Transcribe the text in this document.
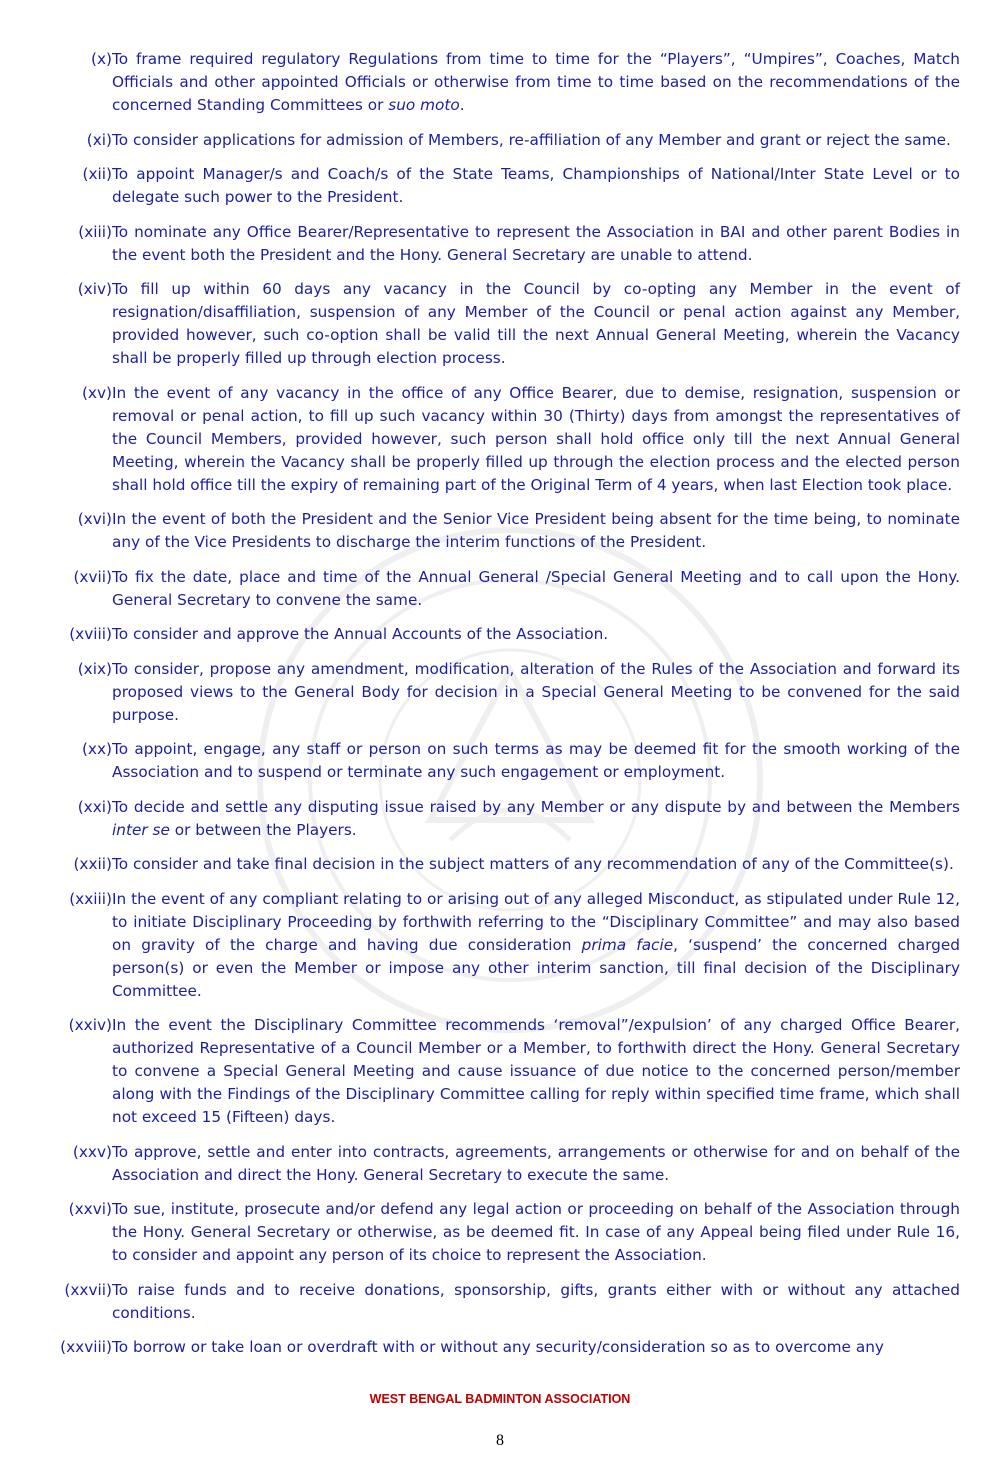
(x) To frame required regulatory Regulations from time to time for the “Players”, “Umpires”, Coaches, Match Officials and other appointed Officials or otherwise from time to time based on the recommendations of the concerned Standing Committees or suo moto.
(xi) To consider applications for admission of Members, re-affiliation of any Member and grant or reject the same.
(xii) To appoint Manager/s and Coach/s of the State Teams, Championships of National/Inter State Level or to delegate such power to the President.
(xiii) To nominate any Office Bearer/Representative to represent the Association in BAI and other parent Bodies in the event both the President and the Hony. General Secretary are unable to attend.
(xiv) To fill up within 60 days any vacancy in the Council by co-opting any Member in the event of resignation/disaffiliation, suspension of any Member of the Council or penal action against any Member, provided however, such co-option shall be valid till the next Annual General Meeting, wherein the Vacancy shall be properly filled up through election process.
(xv) In the event of any vacancy in the office of any Office Bearer, due to demise, resignation, suspension or removal or penal action, to fill up such vacancy within 30 (Thirty) days from amongst the representatives of the Council Members, provided however, such person shall hold office only till the next Annual General Meeting, wherein the Vacancy shall be properly filled up through the election process and the elected person shall hold office till the expiry of remaining part of the Original Term of 4 years, when last Election took place.
(xvi) In the event of both the President and the Senior Vice President being absent for the time being, to nominate any of the Vice Presidents to discharge the interim functions of the President.
(xvii) To fix the date, place and time of the Annual General /Special General Meeting and to call upon the Hony. General Secretary to convene the same.
(xviii) To consider and approve the Annual Accounts of the Association.
(xix) To consider, propose any amendment, modification, alteration of the Rules of the Association and forward its proposed views to the General Body for decision in a Special General Meeting to be convened for the said purpose.
(xx) To appoint, engage, any staff or person on such terms as may be deemed fit for the smooth working of the Association and to suspend or terminate any such engagement or employment.
(xxi) To decide and settle any disputing issue raised by any Member or any dispute by and between the Members inter se or between the Players.
(xxii) To consider and take final decision in the subject matters of any recommendation of any of the Committee(s).
(xxiii) In the event of any compliant relating to or arising out of any alleged Misconduct, as stipulated under Rule 12, to initiate Disciplinary Proceeding by forthwith referring to the “Disciplinary Committee” and may also based on gravity of the charge and having due consideration prima facie, ‘suspend’ the concerned charged person(s) or even the Member or impose any other interim sanction, till final decision of the Disciplinary Committee.
(xxiv) In the event the Disciplinary Committee recommends ‘removal”/expulsion’ of any charged Office Bearer, authorized Representative of a Council Member or a Member, to forthwith direct the Hony. General Secretary to convene a Special General Meeting and cause issuance of due notice to the concerned person/member along with the Findings of the Disciplinary Committee calling for reply within specified time frame, which shall not exceed 15 (Fifteen) days.
(xxv) To approve, settle and enter into contracts, agreements, arrangements or otherwise for and on behalf of the Association and direct the Hony. General Secretary to execute the same.
(xxvi) To sue, institute, prosecute and/or defend any legal action or proceeding on behalf of the Association through the Hony. General Secretary or otherwise, as be deemed fit. In case of any Appeal being filed under Rule 16, to consider and appoint any person of its choice to represent the Association.
(xxvii) To raise funds and to receive donations, sponsorship, gifts, grants either with or without any attached conditions.
(xxviii) To borrow or take loan or overdraft with or without any security/consideration so as to overcome any
WEST BENGAL BADMINTON ASSOCIATION
8
